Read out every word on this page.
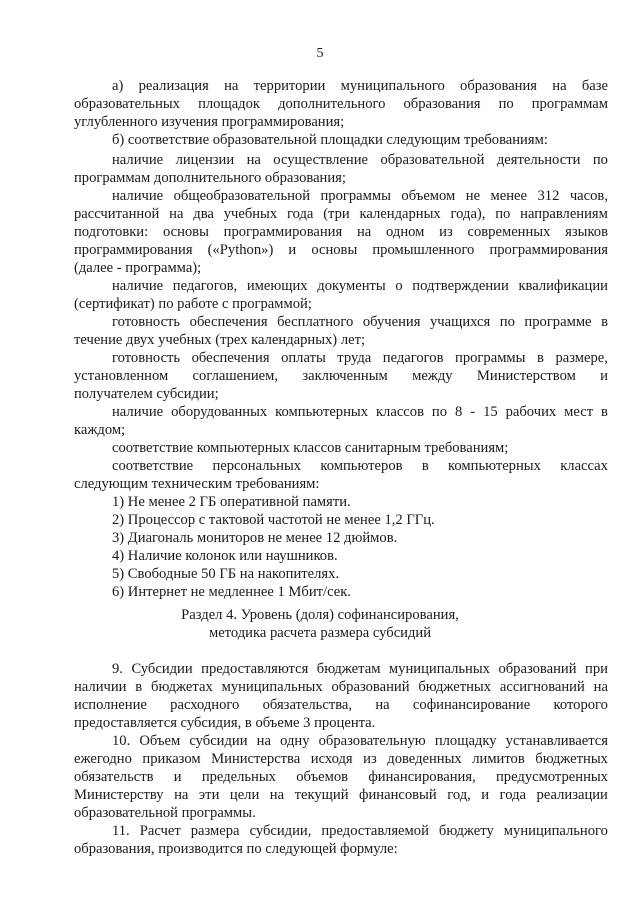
5
а) реализация на территории муниципального образования на базе
образовательных площадок дополнительного образования по программам
углубленного изучения программирования;
б) соответствие образовательной площадки следующим требованиям:
наличие лицензии на осуществление образовательной деятельности по
программам дополнительного образования;
наличие общеобразовательной программы объемом не менее 312 часов,
рассчитанной на два учебных года (три календарных года), по направлениям
подготовки: основы программирования на одном из современных языков
программирования («Python») и основы промышленного программирования
(далее - программа);
наличие педагогов, имеющих документы о подтверждении квалификации
(сертификат) по работе с программой;
готовность обеспечения бесплатного обучения учащихся по программе в
течение двух учебных (трех календарных) лет;
готовность обеспечения оплаты труда педагогов программы в размере,
установленном соглашением, заключенным между Министерством и
получателем субсидии;
наличие оборудованных компьютерных классов по 8 - 15 рабочих мест в
каждом;
соответствие компьютерных классов санитарным требованиям;
соответствие персональных компьютеров в компьютерных классах
следующим техническим требованиям:
1) Не менее 2 ГБ оперативной памяти.
2) Процессор с тактовой частотой не менее 1,2 ГГц.
3) Диагональ мониторов не менее 12 дюймов.
4) Наличие колонок или наушников.
5) Свободные 50 ГБ на накопителях.
6) Интернет не медленнее 1 Мбит/сек.
Раздел 4. Уровень (доля) софинансирования,
методика расчета размера субсидий
9. Субсидии предоставляются бюджетам муниципальных образований при
наличии в бюджетах муниципальных образований бюджетных ассигнований на
исполнение расходного обязательства, на софинансирование которого
предоставляется субсидия, в объеме 3 процента.
10. Объем субсидии на одну образовательную площадку устанавливается
ежегодно приказом Министерства исходя из доведенных лимитов бюджетных
обязательств и предельных объемов финансирования, предусмотренных
Министерству на эти цели на текущий финансовый год, и года реализации
образовательной программы.
11. Расчет размера субсидии, предоставляемой бюджету муниципального
образования, производится по следующей формуле:
